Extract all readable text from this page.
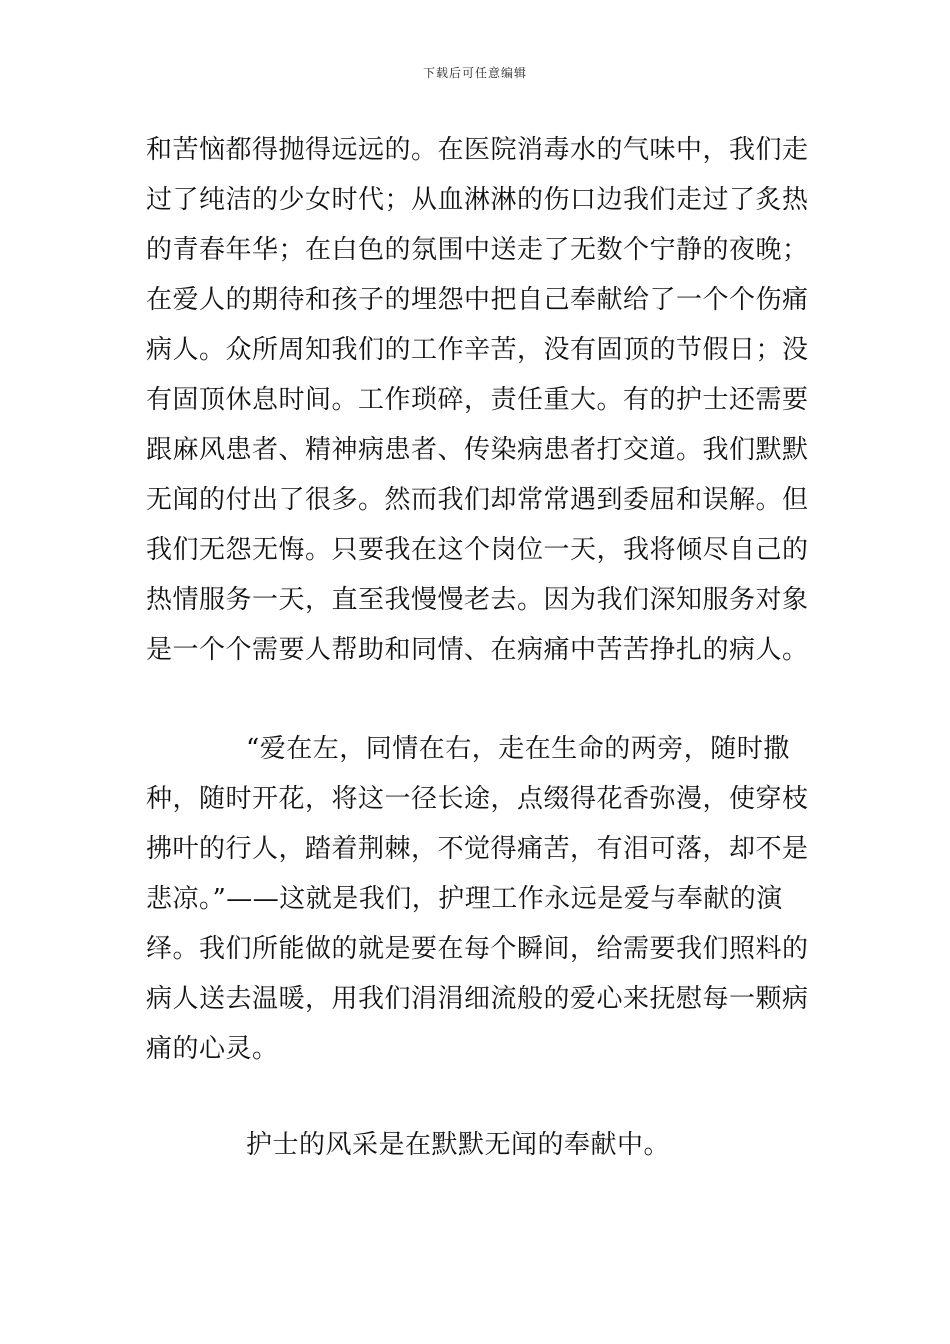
下载后可任意编辑
和苦恼都得抛得远远的。在医院消毒水的气味中，我们走
过了纯洁的少女时代；从血淋淋的伤口边我们走过了炙热
的青春年华；在白色的氛围中送走了无数个宁静的夜晚；
在爱人的期待和孩子的埋怨中把自己奉献给了一个个伤痛
病人。众所周知我们的工作辛苦，没有固顶的节假日；没
有固顶休息时间。工作琐碎，责任重大。有的护士还需要
跟麻风患者、精神病患者、传染病患者打交道。我们默默
无闻的付出了很多。然而我们却常常遇到委屈和误解。但
我们无怨无悔。只要我在这个岗位一天，我将倾尽自己的
热情服务一天，直至我慢慢老去。因为我们深知服务对象
是一个个需要人帮助和同情、在病痛中苦苦挣扎的病人。
“爱在左，同情在右，走在生命的两旁，随时撒
种，随时开花，将这一径长途，点缀得花香弥漫，使穿枝
拂叶的行人，踏着荆棘，不觉得痛苦，有泪可落，却不是
悲凉。”——这就是我们，护理工作永远是爱与奉献的演
绎。我们所能做的就是要在每个瞬间，给需要我们照料的
病人送去温暖，用我们涓涓细流般的爱心来抚慰每一颗病
痛的心灵。
护士的风采是在默默无闻的奉献中。
